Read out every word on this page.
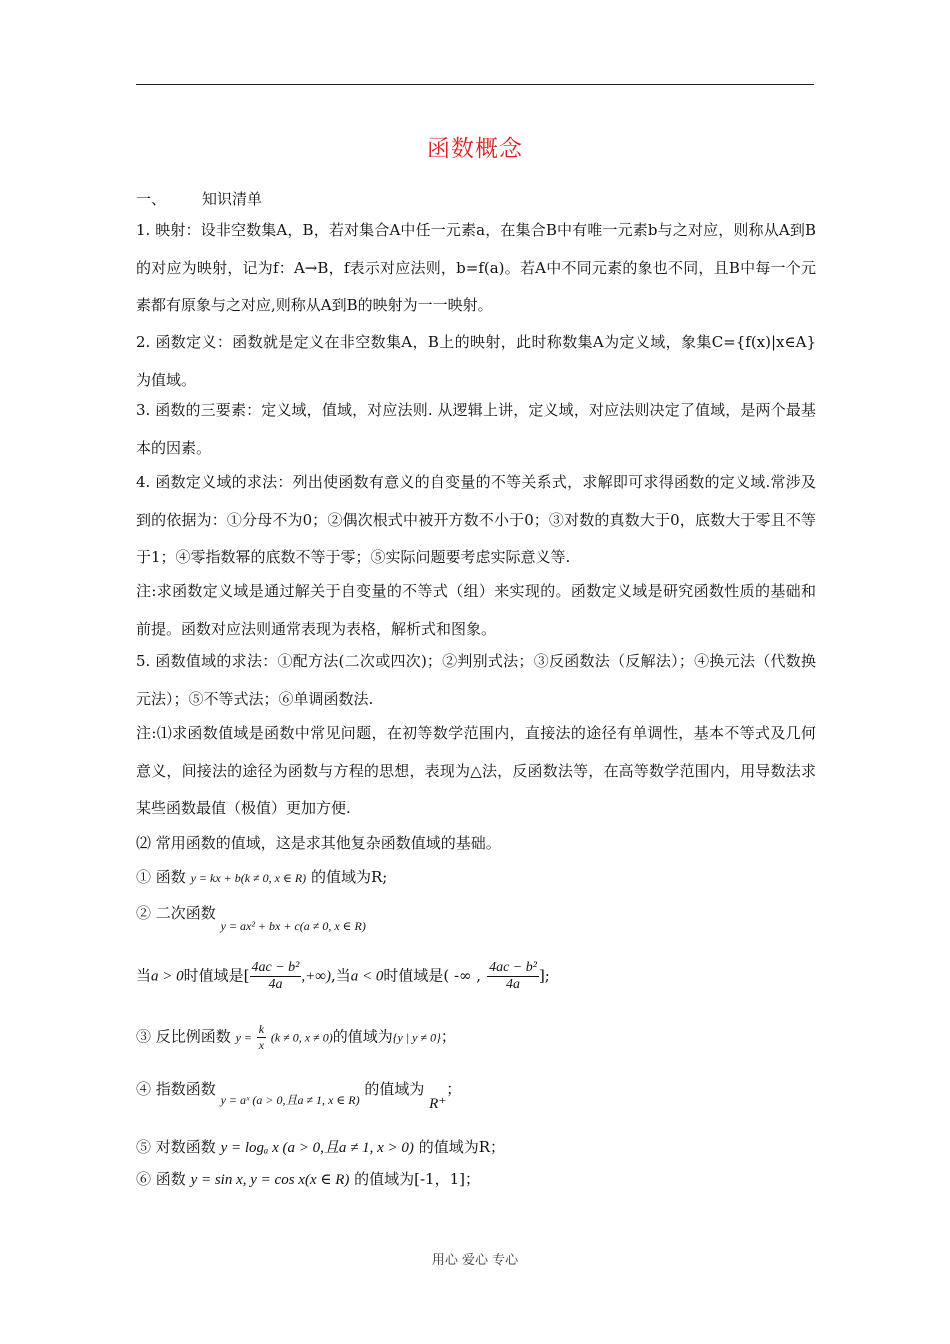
函数概念
一、 知识清单
1. 映射：设非空数集A，B，若对集合A中任一元素a，在集合B中有唯一元素b与之对应，则称从A到B的对应为映射，记为f：A→B，f表示对应法则，b=f(a)。若A中不同元素的象也不同，且B中每一个元素都有原象与之对应,则称从A到B的映射为一一映射。
2. 函数定义：函数就是定义在非空数集A，B上的映射，此时称数集A为定义域，象集C={f(x)|x∈A}为值域。
3. 函数的三要素：定义域，值域，对应法则. 从逻辑上讲，定义域，对应法则决定了值域，是两个最基本的因素。
4. 函数定义域的求法：列出使函数有意义的自变量的不等关系式，求解即可求得函数的定义域.常涉及到的依据为：①分母不为0；②偶次根式中被开方数不小于0；③对数的真数大于0，底数大于零且不等于1；④零指数幂的底数不等于零；⑤实际问题要考虑实际意义等.
注:求函数定义域是通过解关于自变量的不等式（组）来实现的。函数定义域是研究函数性质的基础和前提。函数对应法则通常表现为表格，解析式和图象。
5. 函数值域的求法：①配方法(二次或四次)；②判别式法；③反函数法（反解法）；④换元法（代数换元法）；⑤不等式法；⑥单调函数法.
注:⑴求函数值域是函数中常见问题，在初等数学范围内，直接法的途径有单调性，基本不等式及几何意义，间接法的途径为函数与方程的思想，表现为△法，反函数法等，在高等数学范围内，用导数法求某些函数最值（极值）更加方便.
⑵ 常用函数的值域，这是求其他复杂函数值域的基础。
① 函数 y = kx + b(k ≠ 0, x ∈ R) 的值域为R;
② 二次函数 $_{y = ax^2 + bx + c(a \ne 0, x \in R)}$
当a > 0时值域是[ $\frac{\text{4ac − b²}}{4a}$ ,+∞),当a < 0时值域是( -∞ , $\frac{\text{4ac − b²}}{4a}$ ];
③ 反比例函数 $y = \frac{k}{x} (k \ne 0$, x ≠ 0)的值域为{y | y ≠ 0}；
④ 指数函数 $_{y = aˣ (a > 0,且a \ne 1, x \in R)}$ 的值域为 R⁺；
⑤ 对数函数 y = logₐ x (a > 0,且a ≠ 1, x > 0) 的值域为R；
⑥ 函数 y = sin x, y = cos x(x ∈ R) 的值域为[-1，1]；
用心 爱心 专心
